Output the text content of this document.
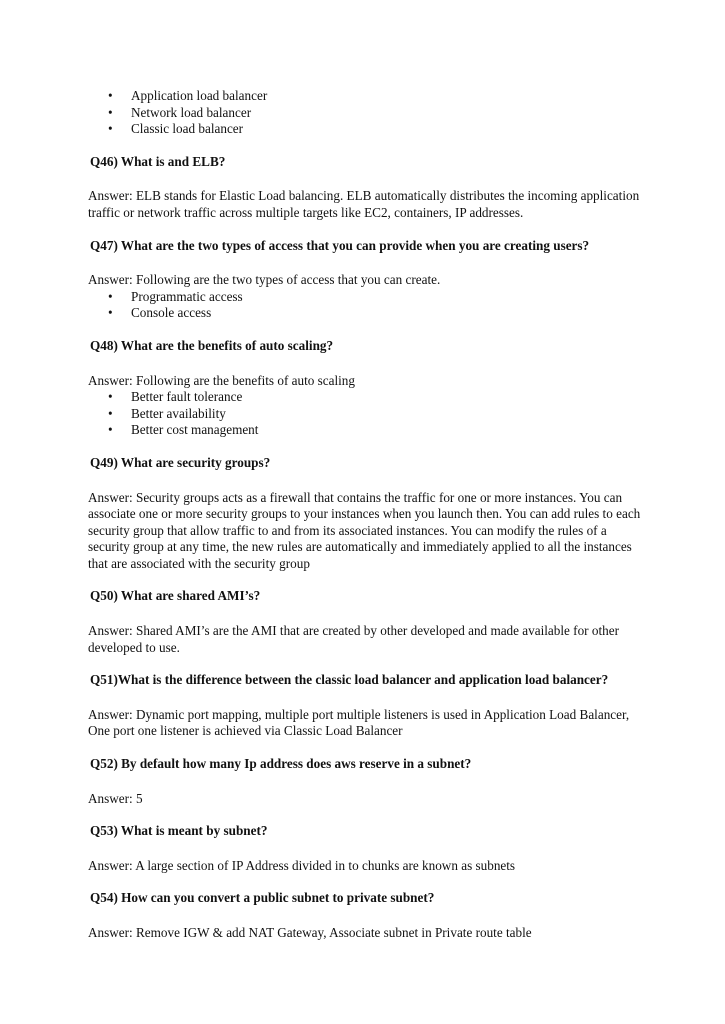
• Application load balancer
• Network load balancer
• Classic load balancer

Q46) What is and ELB?

Answer: ELB stands for Elastic Load balancing. ELB automatically distributes the incoming application traffic or network traffic across multiple targets like EC2, containers, IP addresses.

Q47) What are the two types of access that you can provide when you are creating users?

Answer: Following are the two types of access that you can create.

• Programmatic access
• Console access

Q48) What are the benefits of auto scaling?

Answer: Following are the benefits of auto scaling

• Better fault tolerance
• Better availability
• Better cost management

Q49) What are security groups?

Answer: Security groups acts as a firewall that contains the traffic for one or more instances. You can associate one or more security groups to your instances when you launch then. You can add rules to each security group that allow traffic to and from its associated instances. You can modify the rules of a security group at any time, the new rules are automatically and immediately applied to all the instances that are associated with the security group

Q50) What are shared AMI’s?

Answer: Shared AMI’s are the AMI that are created by other developed and made available for other developed to use.

Q51)What is the difference between the classic load balancer and application load balancer?

Answer: Dynamic port mapping, multiple port multiple listeners is used in Application Load Balancer, One port one listener is achieved via Classic Load Balancer

Q52) By default how many Ip address does aws reserve in a subnet?

Answer: 5

Q53) What is meant by subnet?

Answer: A large section of IP Address divided in to chunks are known as subnets

Q54) How can you convert a public subnet to private subnet?

Answer: Remove IGW & add NAT Gateway, Associate subnet in Private route table
